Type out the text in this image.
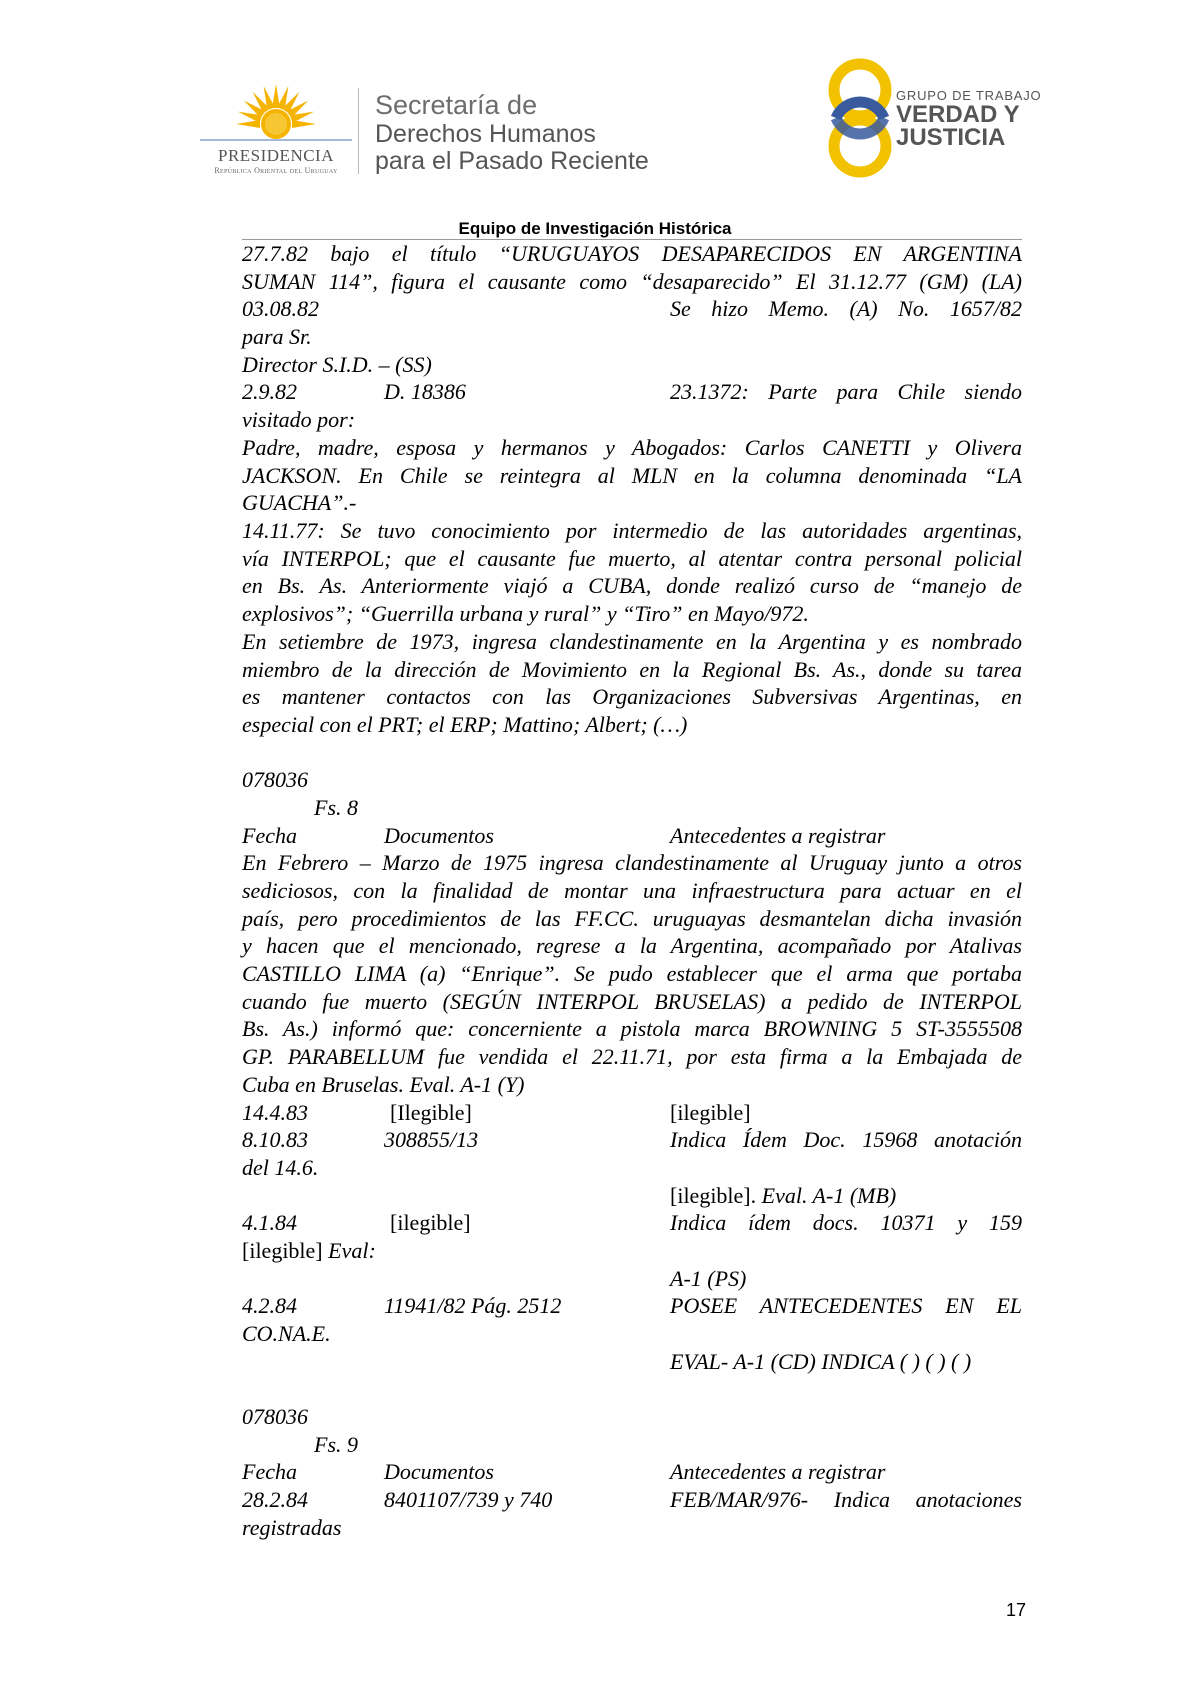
PRESIDENCIA
República Oriental del Uruguay
Secretaría de
Derechos Humanos
para el Pasado Reciente
GRUPO DE TRABAJO
VERDAD Y
JUSTICIA
Equipo de Investigación Histórica
27.7.82 bajo el título “URUGUAYOS DESAPARECIDOS EN ARGENTINA
SUMAN 114”, figura el causante como “desaparecido” El 31.12.77 (GM) (LA)
03.08.82	Se hizo Memo. (A) No. 1657/82
para Sr.
Director S.I.D. – (SS)
2.9.82	D. 18386	23.1372: Parte para Chile siendo
visitado por:
Padre, madre, esposa y hermanos y Abogados: Carlos CANETTI y Olivera
JACKSON. En Chile se reintegra al MLN en la columna denominada “LA
GUACHA”.-
14.11.77: Se tuvo conocimiento por intermedio de las autoridades argentinas,
vía INTERPOL; que el causante fue muerto, al atentar contra personal policial
en Bs. As. Anteriormente viajó a CUBA, donde realizó curso de “manejo de
explosivos”; “Guerrilla urbana y rural” y “Tiro” en Mayo/972.
En setiembre de 1973, ingresa clandestinamente en la Argentina y es nombrado
miembro de la dirección de Movimiento en la Regional Bs. As., donde su tarea
es mantener contactos con las Organizaciones Subversivas Argentinas, en
especial con el PRT; el ERP; Mattino; Albert; (…)
078036
Fs. 8
Fecha	Documentos	Antecedentes a registrar
En Febrero – Marzo de 1975 ingresa clandestinamente al Uruguay junto a otros
sediciosos, con la finalidad de montar una infraestructura para actuar en el
país, pero procedimientos de las FF.CC. uruguayas desmantelan dicha invasión
y hacen que el mencionado, regrese a la Argentina, acompañado por Atalivas
CASTILLO LIMA (a) “Enrique”. Se pudo establecer que el arma que portaba
cuando fue muerto (SEGÚN INTERPOL BRUSELAS) a pedido de INTERPOL
Bs. As.) informó que: concerniente a pistola marca BROWNING 5 ST-3555508
GP. PARABELLUM fue vendida el 22.11.71, por esta firma a la Embajada de
Cuba en Bruselas. Eval. A-1 (Y)
14.4.83	[Ilegible]	[ilegible]
8.10.83	308855/13	Indica Ídem Doc. 15968 anotación
del 14.6.
[ilegible]. Eval. A-1 (MB)
4.1.84	[ilegible]	Indica ídem docs. 10371 y 159
[ilegible] Eval:
A-1 (PS)
4.2.84	11941/82 Pág. 2512	POSEE ANTECEDENTES EN EL
CO.NA.E.
EVAL- A-1 (CD) INDICA ( ) ( ) ( )
078036
Fs. 9
Fecha	Documentos	Antecedentes a registrar
28.2.84	8401107/739 y 740	FEB/MAR/976- Indica anotaciones
registradas
17
